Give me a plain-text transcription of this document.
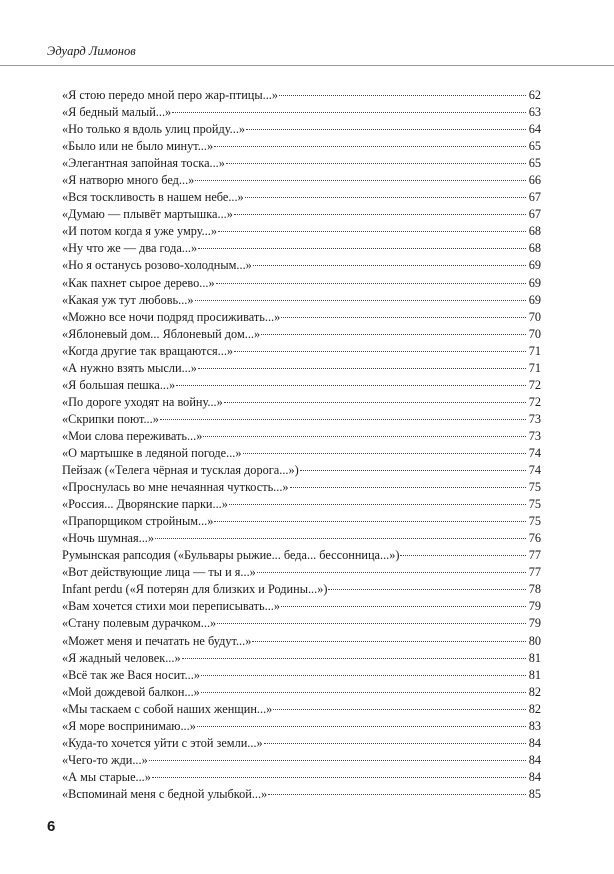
Эдуард Лимонов
«Я стою передо мной перо жар-птицы...»	62
«Я бедный малый...»	63
«Но только я вдоль улиц пройду...»	64
«Было или не было минут...»	65
«Элегантная запойная тоска...»	65
«Я натворю много бед...»	66
«Вся тоскливость в нашем небе...»	67
«Думаю — плывёт мартышка...»	67
«И потом когда я уже умру...»	68
«Ну что же — два года...»	68
«Но я останусь розово-холодным...»	69
«Как пахнет сырое дерево...»	69
«Какая уж тут любовь...»	69
«Можно все ночи подряд просиживать...»	70
«Яблоневый дом... Яблоневый дом...»	70
«Когда другие так вращаются...»	71
«А нужно взять мысли...»	71
«Я большая пешка...»	72
«По дороге уходят на войну...»	72
«Скрипки поют...»	73
«Мои слова переживать...»	73
«О мартышке в ледяной погоде...»	74
Пейзаж («Телега чёрная и тусклая дорога...»)	74
«Проснулась во мне нечаянная чуткость...»	75
«Россия... Дворянские парки...»	75
«Прапорщиком стройным...»	75
«Ночь шумная...»	76
Румынская рапсодия («Бульвары рыжие... беда... бессонница...»)	77
«Вот действующие лица — ты и я...»	77
Infant perdu («Я потерян для близких и Родины...»)	78
«Вам хочется стихи мои переписывать...»	79
«Стану полевым дурачком...»	79
«Может меня и печатать не будут...»	80
«Я жадный человек...»	81
«Всё так же Вася носит...»	81
«Мой дождевой балкон...»	82
«Мы таскаем с собой наших женщин...»	82
«Я море воспринимаю...»	83
«Куда-то хочется уйти с этой земли...»	84
«Чего-то жди...»	84
«А мы старые...»	84
«Вспоминай меня с бедной улыбкой...»	85
6
